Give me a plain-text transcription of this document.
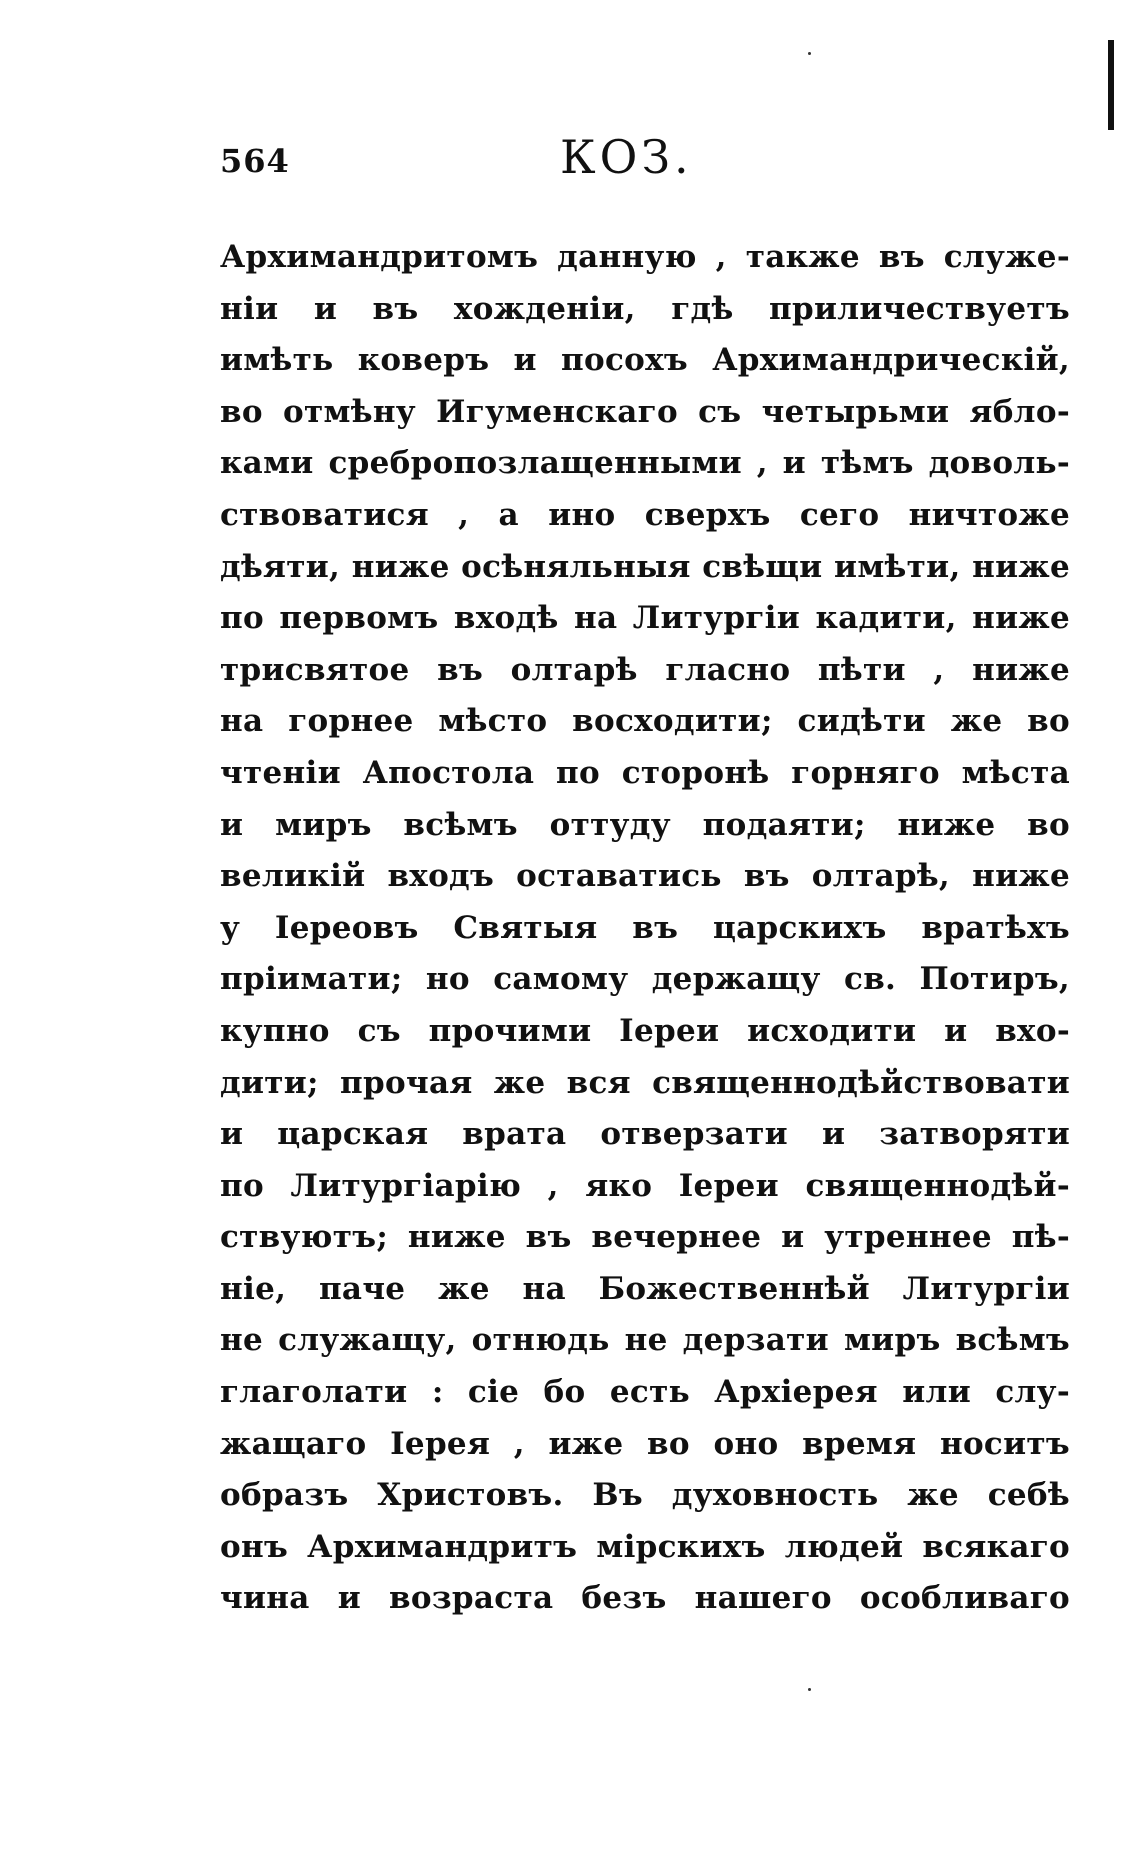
564	КОЗ.
Архимандритомъ данную , также въ служе-
ніи и въ хожденіи, гдѣ приличествуетъ
имѣть коверъ и посохъ Архимандрическій,
во отмѣну Игуменскаго съ четырьми ябло-
ками сребропозлащенными , и тѣмъ доволь-
ствоватися , а ино сверхъ сего ничтоже
дѣяти, ниже осѣняльныя свѣщи имѣти, ниже
по первомъ входѣ на Литургіи кадити, ниже
трисвятое въ олтарѣ гласно пѣти , ниже
на горнее мѣсто восходити; сидѣти же во
чтеніи Апостола по сторонѣ горняго мѣста
и миръ всѣмъ оттуду подаяти; ниже во
великій входъ оставатись въ олтарѣ, ниже
у Іереовъ Святыя въ царскихъ вратѣхъ
пріимати; но самому держащу св. Потиръ,
купно съ прочими Іереи исходити и вхо-
дити; прочая же вся священнодѣйствовати
и царская врата отверзати и затворяти
по Литургіарію , яко Іереи священнодѣй-
ствуютъ; ниже въ вечернее и утреннее пѣ-
ніе, паче же на Божественнѣй Литургіи
не служащу, отнюдь не дерзати миръ всѣмъ
глаголати : сіе бо есть Архіерея или слу-
жащаго Іерея , иже во оно время носитъ
образъ Христовъ. Въ духовность же себѣ
онъ Архимандритъ мірскихъ людей всякаго
чина и возраста безъ нашего особливаго
